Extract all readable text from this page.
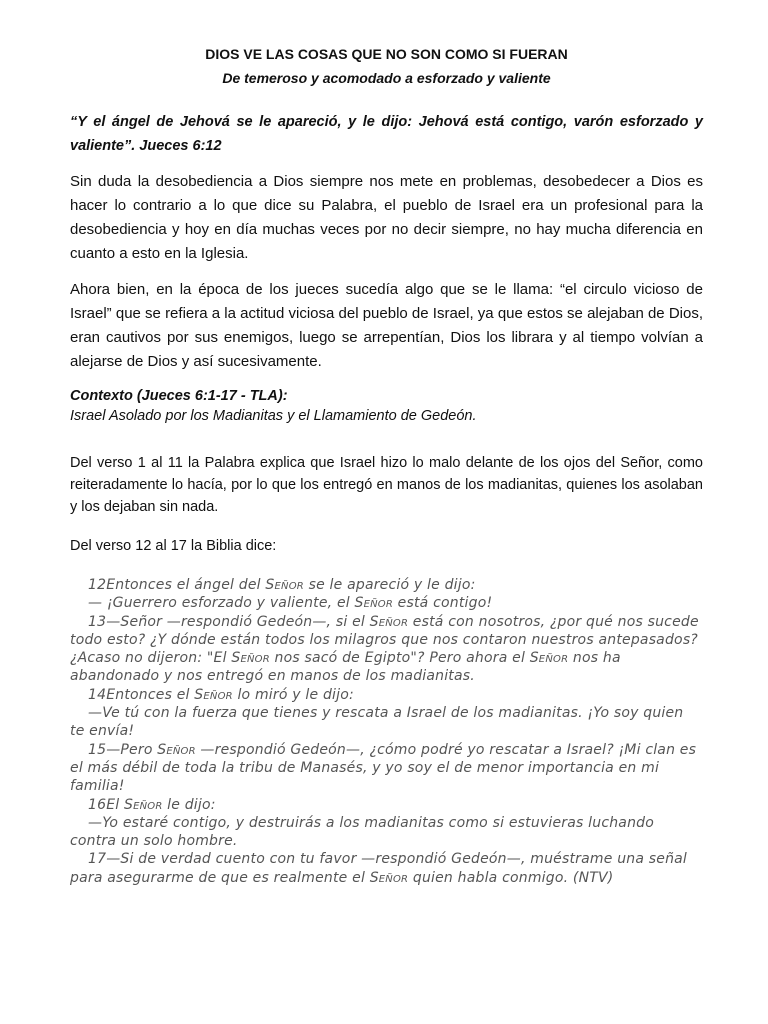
DIOS VE LAS COSAS QUE NO SON COMO SI FUERAN

De temeroso y acomodado a esforzado y valiente

“Y el ángel de Jehová se le apareció, y le dijo: Jehová está contigo, varón esforzado y valiente”. Jueces 6:12

Sin duda la desobediencia a Dios siempre nos mete en problemas, desobedecer a Dios es hacer lo contrario a lo que dice su Palabra, el pueblo de Israel era un profesional para la desobediencia y hoy en día muchas veces por no decir siempre, no hay mucha diferencia en cuanto a esto en la Iglesia.

Ahora bien, en la época de los jueces sucedía algo que se le llama: “el circulo vicioso de Israel” que se refiera a la actitud viciosa del pueblo de Israel, ya que estos se alejaban de Dios, eran cautivos por sus enemigos, luego se arrepentían, Dios los librara y al tiempo volvían a alejarse de Dios y así sucesivamente.

Contexto (Jueces 6:1-17 - TLA):

Israel Asolado por los Madianitas y el Llamamiento de Gedeón.

Del verso 1 al 11 la Palabra explica que Israel hizo lo malo delante de los ojos del Señor, como reiteradamente lo hacía, por lo que los entregó en manos de los madianitas, quienes los asolaban y los dejaban sin nada.

Del verso 12 al 17 la Biblia dice:

12Entonces el ángel del Señor se le apareció y le dijo:

— ¡Guerrero esforzado y valiente, el Señor está contigo!

13—Señor —respondió Gedeón—, si el Señor está con nosotros, ¿por qué nos sucede

todo esto? ¿Y dónde están todos los milagros que nos contaron nuestros antepasados?

¿Acaso no dijeron: "El Señor nos sacó de Egipto"? Pero ahora el Señor nos ha

abandonado y nos entregó en manos de los madianitas.

14Entonces el Señor lo miró y le dijo:

—Ve tú con la fuerza que tienes y rescata a Israel de los madianitas. ¡Yo soy quien

te envía!

15—Pero Señor —respondió Gedeón—, ¿cómo podré yo rescatar a Israel? ¡Mi clan es

el más débil de toda la tribu de Manasés, y yo soy el de menor importancia en mi

familia!

16El Señor le dijo:

—Yo estaré contigo, y destruirás a los madianitas como si estuvieras luchando

contra un solo hombre.

17—Si de verdad cuento con tu favor —respondió Gedeón—, muéstrame una señal

para asegurarme de que es realmente el Señor quien habla conmigo. (NTV)
